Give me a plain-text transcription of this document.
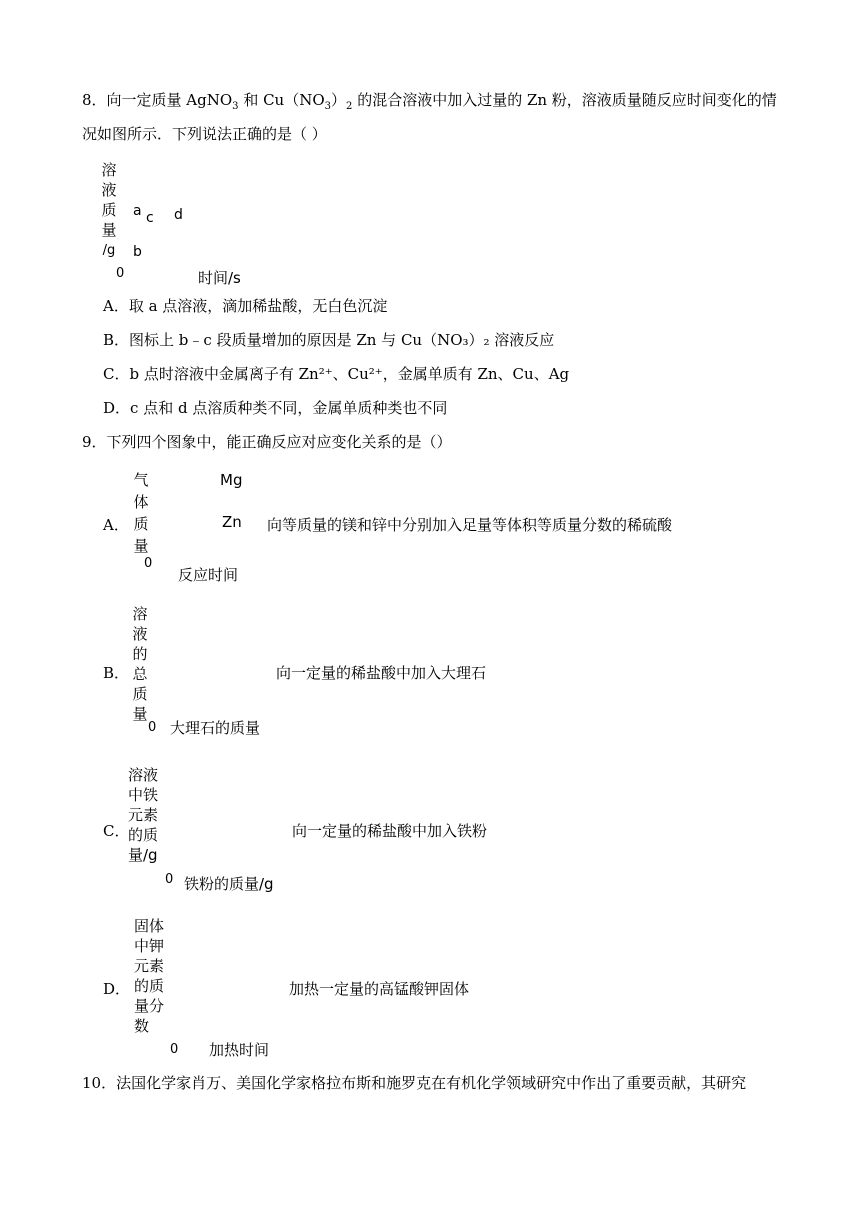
8．向一定质量 AgNO$_3$ 和 $Cu(NO_3)_2$ 的混合溶液中加入过量的 Zn 粉，溶液质量随反应时间变化的情
况如图所示．下列说法正确的是（ ）
溶
液
质
量
/g
0	时间/s
a
b
c d
A．取 a 点溶液，滴加稀盐酸，无白色沉淀
B．图标上 b﹣c 段质量增加的原因是 Zn 与 Cu（NO₃）₂ 溶液反应
C．b 点时溶液中金属离子有 Zn²⁺、Cu²⁺，金属单质有 Zn、Cu、Ag
D．c 点和 d 点溶质种类不同，金属单质种类也不同
9．下列四个图象中，能正确反应对应变化关系的是（）
A．
气
体
质
量
Mg
Zn
0
反应时间
向等质量的镁和锌中分别加入足量等体积等质量分数的稀硫酸
B．
溶
液
的
总
质
量
0 大理石的质量
向一定量的稀盐酸中加入大理石
C．
溶液
中铁
元素
的质
量/g
0 铁粉的质量/g
向一定量的稀盐酸中加入铁粉
D．
固体
中钾
元素
的质
量分
数
0 加热时间
加热一定量的高锰酸钾固体
10．法国化学家肖万、美国化学家格拉布斯和施罗克在有机化学领域研究中作出了重要贡献，其研究
